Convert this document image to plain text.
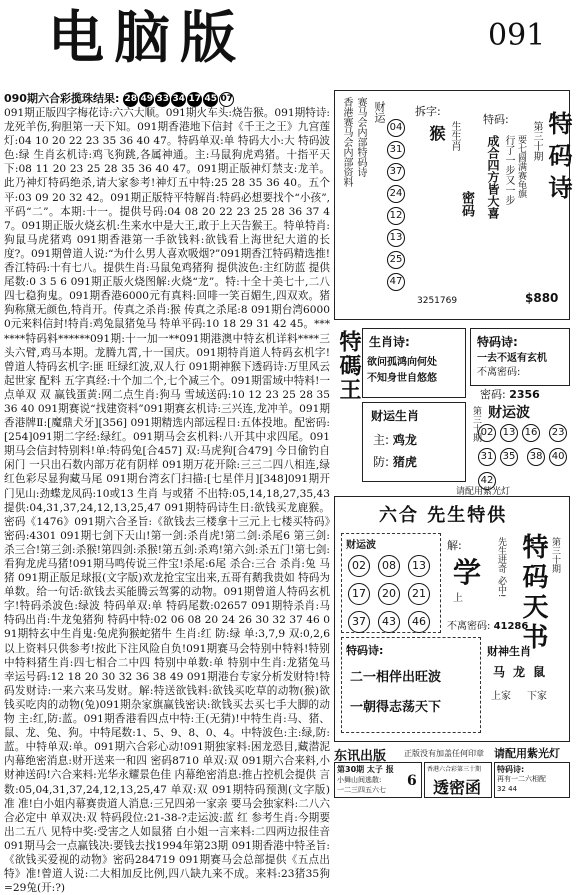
电脑版	091
090期六合彩揽珠结果: 28 49 33 34 17 45 07
091期正版四字梅花诗:六六大顺。091期火车头:烧告猴。091期特诗:龙死羊伤,狗胆第一天下知。091期香港地下信封《千王之王》九宫莲灯:04 10 20 22 23 35 36 40 47。特码单双:单 特码大小:大 特码波色:绿 生肖玄机诗:鸡飞狗跳,各属神通。主:马鼠狗虎鸡猪。十指平天下:08 11 20 23 25 28 35 36 40 47。091期正版神灯禁支:龙羊。此乃神灯特码绝杀,请大家参考!神灯五中特:25 28 35 36 40。五个平:03 09 20 32 42。091期正版特平特解肖:特码必想要找个“小孩”,平码“二”。本期:十一。提供号码:04 08 20 22 23 25 28 36 37 47。091期正版火烧玄机:生来水中是大王,敢于上天告猴王。特单特肖:狗鼠马虎猪鸡 091期香港第一手欲钱料:欲钱看上海世纪大道的长度?。091期曾道人说:“为什么男人喜欢吸烟?”091期香江特码精选推!香江特码:十有七八。提供生肖:马鼠兔鸡猪狗 提供波色:主红防蓝 提供尾数:0 3 5 6 091期正版火烧图解:火烧“龙”。特:十全十美七十,二八四七稳狗鬼。091期香港6000元有真料:回啡一笑百媚生,四双欢。猪狗称黛无颜色,特肖开。传真之杀肖:猴 传真之杀尾:8 091期台湾60000元来料信封!特肖:鸡兔鼠猪兔马 特单平码:10 18 29 31 42 45。*******特码料******091期:十一加一**091期港澳中特玄机详料****三头六臂,鸡马本期。龙腾九霄,十一国庆。091期特肖道人特码玄机字!曾道人特码玄机字:匪 旺绿红波,双人行 091期神猴下透码诗:万里风云起世家 配料 五字真经:十个加二个,七个减三个。091期雷域中特料!一点单双 双 赢钱蛋黄:网二点生肖:狗马 雪域送码:10 12 23 25 28 35 36 40 091期赛说“找建资料”091期赛玄机诗:三兴连,龙冲羊。091期香港牌Ⅱ:[魔鼎犬牙][356] 091期精选内部远程日:五体投地。配密码:[254]091期二字经:绿红。091期马会玄机料:八开其中求四尾。091期马会信封特别料!单:特码兔[合457] 双:马虎狗[合479] 今日偷钓自闲门 一只出石数内部万花有阴样 091期万花开除:三三二四八相连,绿红色彩尽显狗藏马尾 091期台湾玄门扫描:[七星伴月][348]091期开门见山:劲蝶龙凤码:10或13 生肖 与或猪 不出特:05,14,18,27,35,43 提供:04,31,37,24,12,13,25,47 091期特码诗生日:欲钱买龙鹿猴。密码《1476》091期六合圣旨:《欲钱去三楼拿十三元上七楼买特码》密码:4301 091期七剑下天山!第一剑:杀肖虎!第二剑:杀尾6 第三剑:杀三合!第三剑:杀猴!第四剑:杀猴!第五剑:杀鸡!第六剑:杀五门!第七剑:看狗龙虎马猪!091期马鸣传说三件宝!杀尾:6尾 杀合:三合 杀肖:兔 马 猪 091期正版足球报(文字版)欢龙抢宝宝出来,五哥有鹅我贵如 特码为单数。给一句话:欲钱去买能腾云驾雾的动物。091期曾道人特码玄机字!特码杀波色:绿波 特码单双:单 特码尾数:02657 091期特杀肖:马 特码出肖:牛龙兔猪狗 特码中特:02 06 08 20 24 26 30 32 37 46 091期特玄中生肖鬼:兔虎狗猴蛇猪牛 生肖:红 防:绿 单:3,7,9 双:0,2,6 以上资料只供参考!按此下注风险自负!091期赛马会特别中特料!特别中特料猪生肖:四七相合二中四 特别中单数:单 特别中生肖:龙猪兔马 幸运号码:12 18 20 30 32 36 38 49 091期港台专家分析发财特!特码发财诗:一来六来马发财。解:特送欲钱料:欲钱买吃草的动物(猴)欲钱买吃肉的动物(兔)091期杂家旗赢钱密诀:欲钱买去买七手大脚的动物 主:红,防:蓝。091期香港看四点中特:王(无猜)!中特生肖:马、猪、鼠、龙、兔、狗。中特尾数:1、5、9、8、0、4。中特波色:主:绿,防:蓝。中特单双:单。091期六合彩心动!091期独家料:困龙恐目,藏潜泥 内幕绝密消息:财开送来一和四 密码8710 单双:双 091期六合来料,小财神送码!六合来料:光华永耀景色佳 内幕绝密消息:推占控机会提供 言数:05,04,31,37,24,12,13,25,47 单双:双 091期特码预测(文字版)准 准!白小姐内幕赛贵道人消息:三兄四弟一家亲 要马会独家料:二八六合必定中 单双决:双 特码段位:21-38-?走运波:蓝 红 参考生肖:今期要出二五八 见特中奖:受害之人如鼠猪 白小姐一言来料:二四两边报佳音 091期马会一点赢钱决:要钱去找1994年第23期 091期香港中特圣旨:《欲钱买爱视的动物》密码284719 091期赛马会总部提供《五点出特》准!曾道人说:二大相加反比例,四八缺九来不成。来料:23猪35狗=29兔(开:?)
香港赛马会内部资料 赛马会内部特码诗 财运
04 31 37 24 12 13 25 47
拆字:
猴 生生肖
密码
3251769
特码:
成合四方皆大喜 行了一步又一步 要七圆满赛龟旗 第三十期 特码诗
$880
特碼王 生肖诗:
欲问孤鸿向何处
不知身世自悠悠
财运生肖
主: 鸡龙
防: 猪虎
第三十期
特码诗:
一去不返有玄机
不离密码:
密码: 2356
财运波
02 13 16 2331 35 38 4042
请配用紫光灯
六合 先生特供
财运波
02 08 13 17 20 21 37 43 46
解:
学
上
先生进奇 必中! 特码天书 第三十期
不离密码: 41286
特码诗:
二一相伴出旺波
一朝得志荡天下
财神生肖
马 龙 鼠
上家 下家
东讯出版 正版没有加盖任何印章 请配用紫光灯
第30期 太子 报
小舞山间逃散:
一二三四五六七
6
香港六合彩第三十期
透密函
特码诗:
再有一二六相配
32 44
